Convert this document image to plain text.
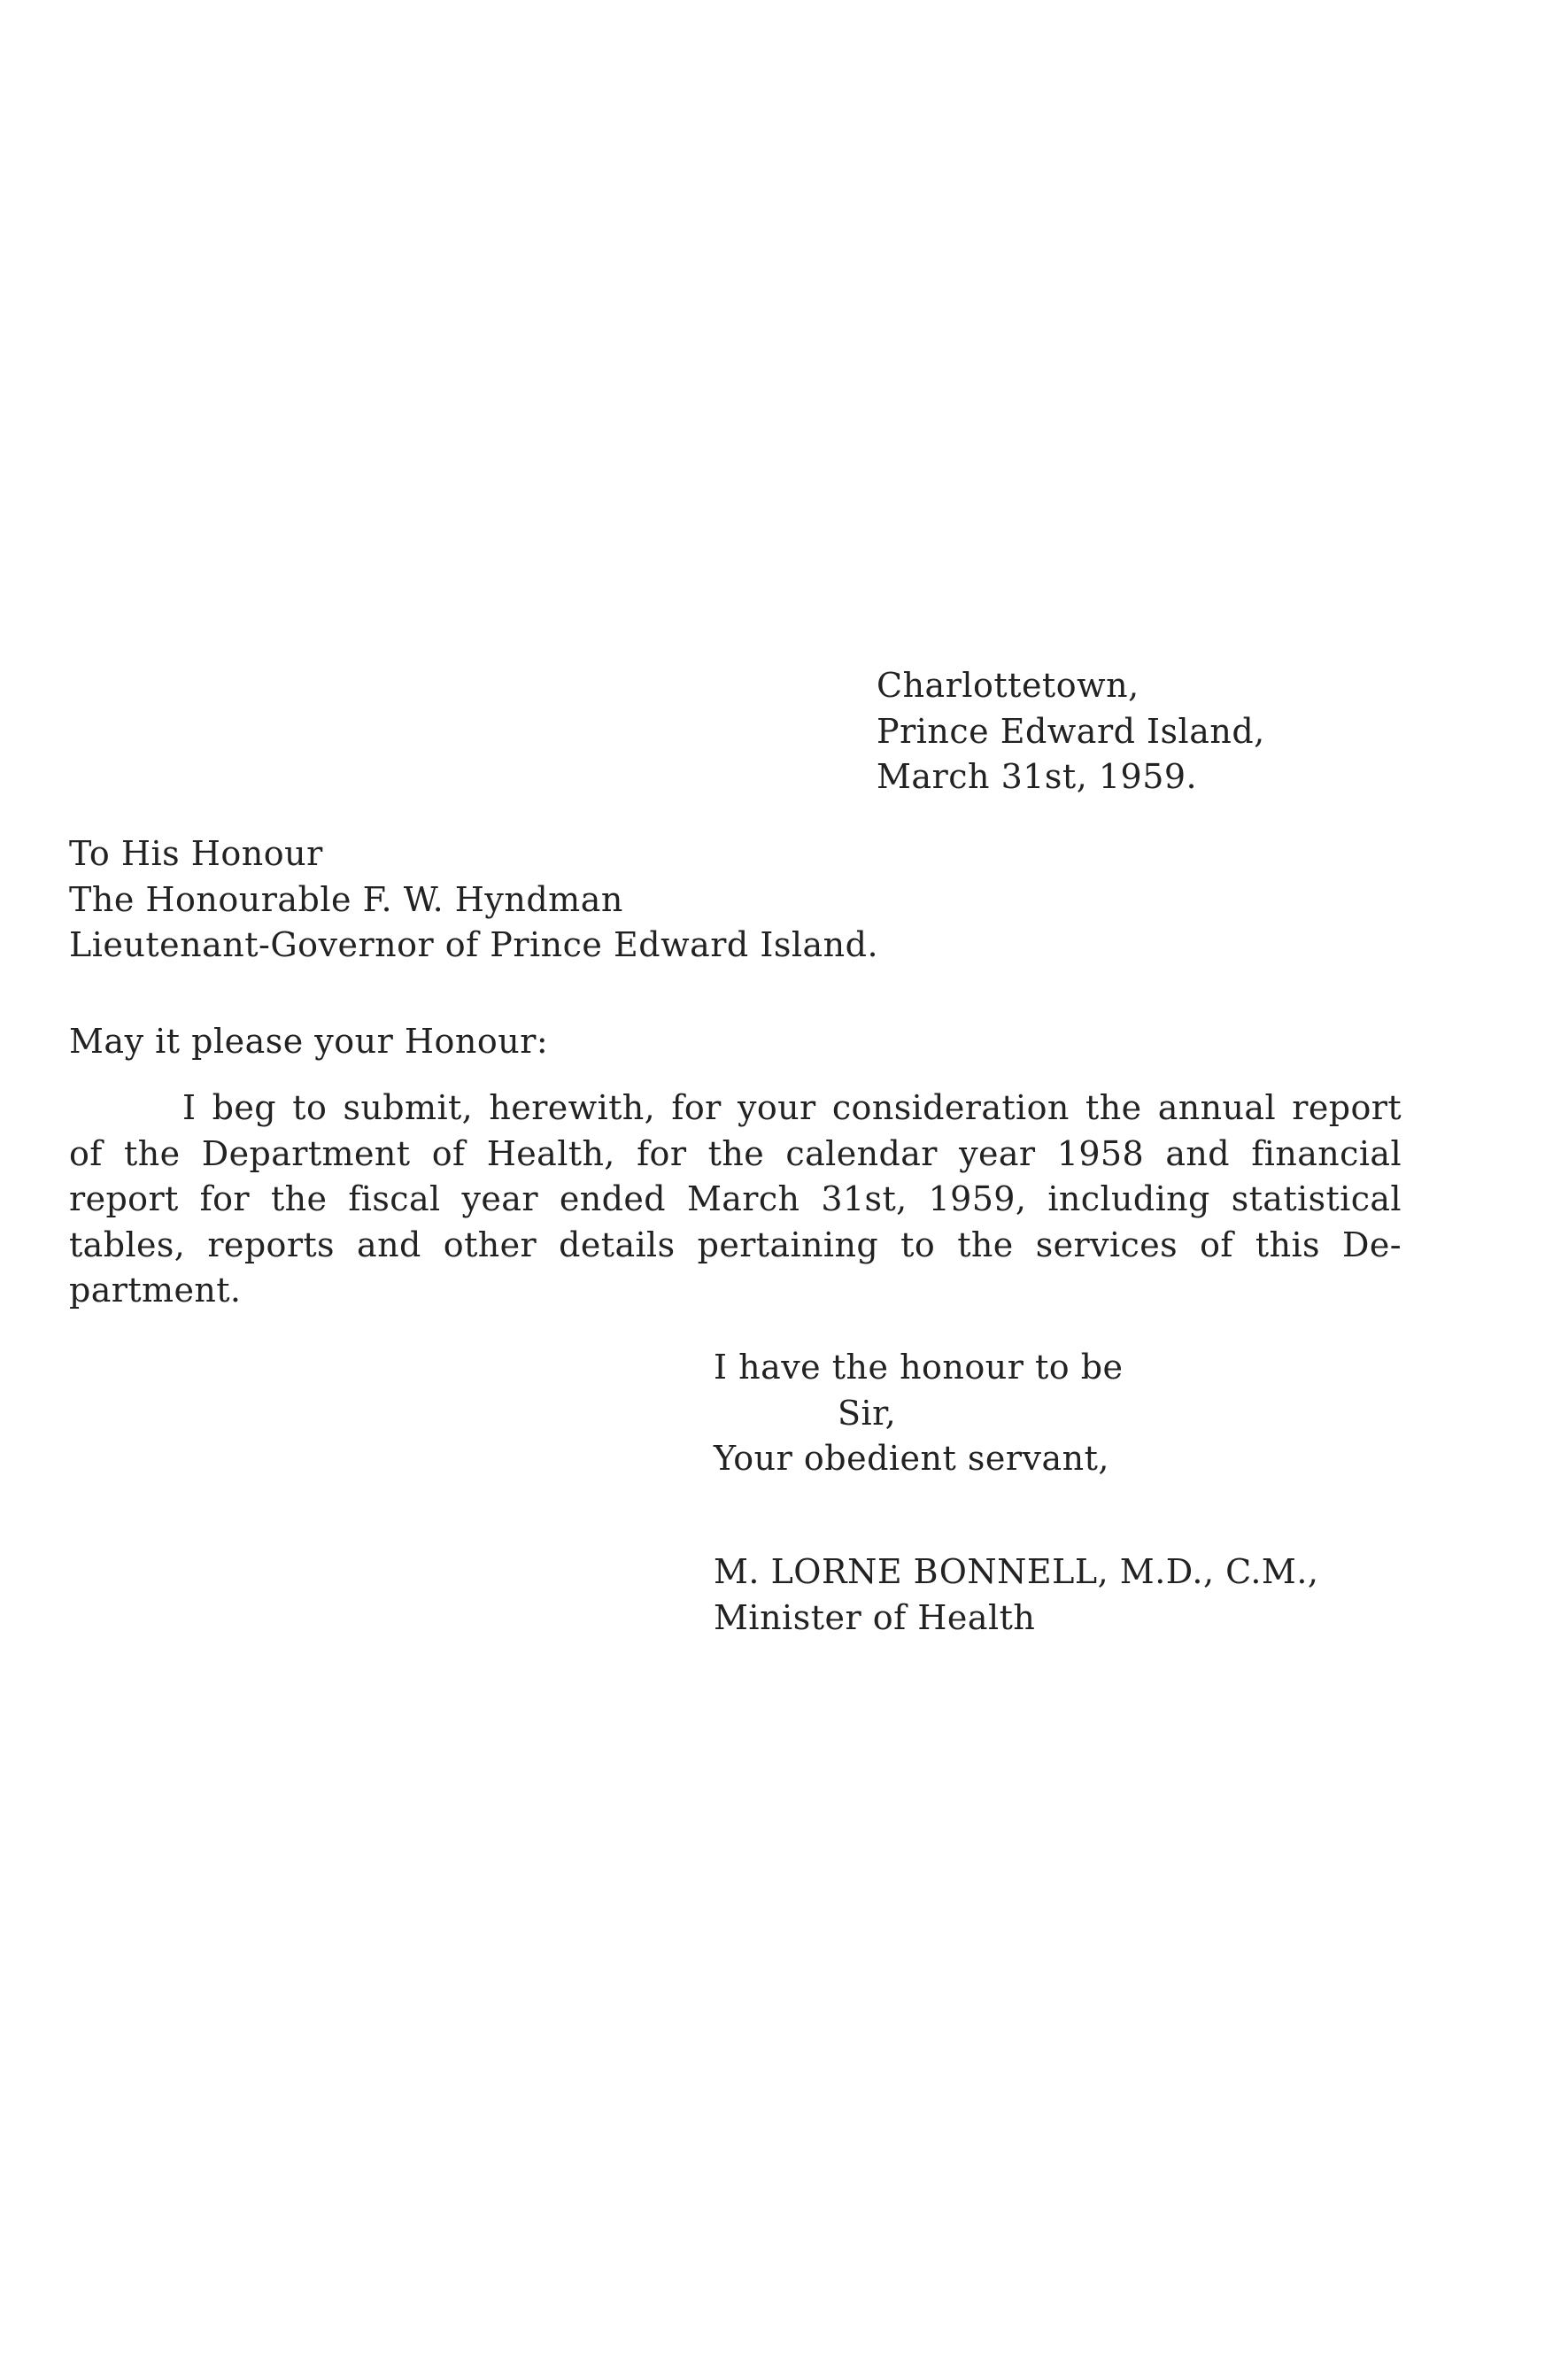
Charlottetown,
Prince Edward Island,
March 31st, 1959.
To His Honour
The Honourable F. W. Hyndman
Lieutenant-Governor of Prince Edward Island.
May it please your Honour:
I beg to submit, herewith, for your consideration the annual report
of the Department of Health, for the calendar year 1958 and financial
report for the fiscal year ended March 31st, 1959, including statistical
tables, reports and other details pertaining to the services of this De-
partment.
I have the honour to be
Sir,
Your obedient servant,
M. LORNE BONNELL, M.D., C.M.,
Minister of Health
